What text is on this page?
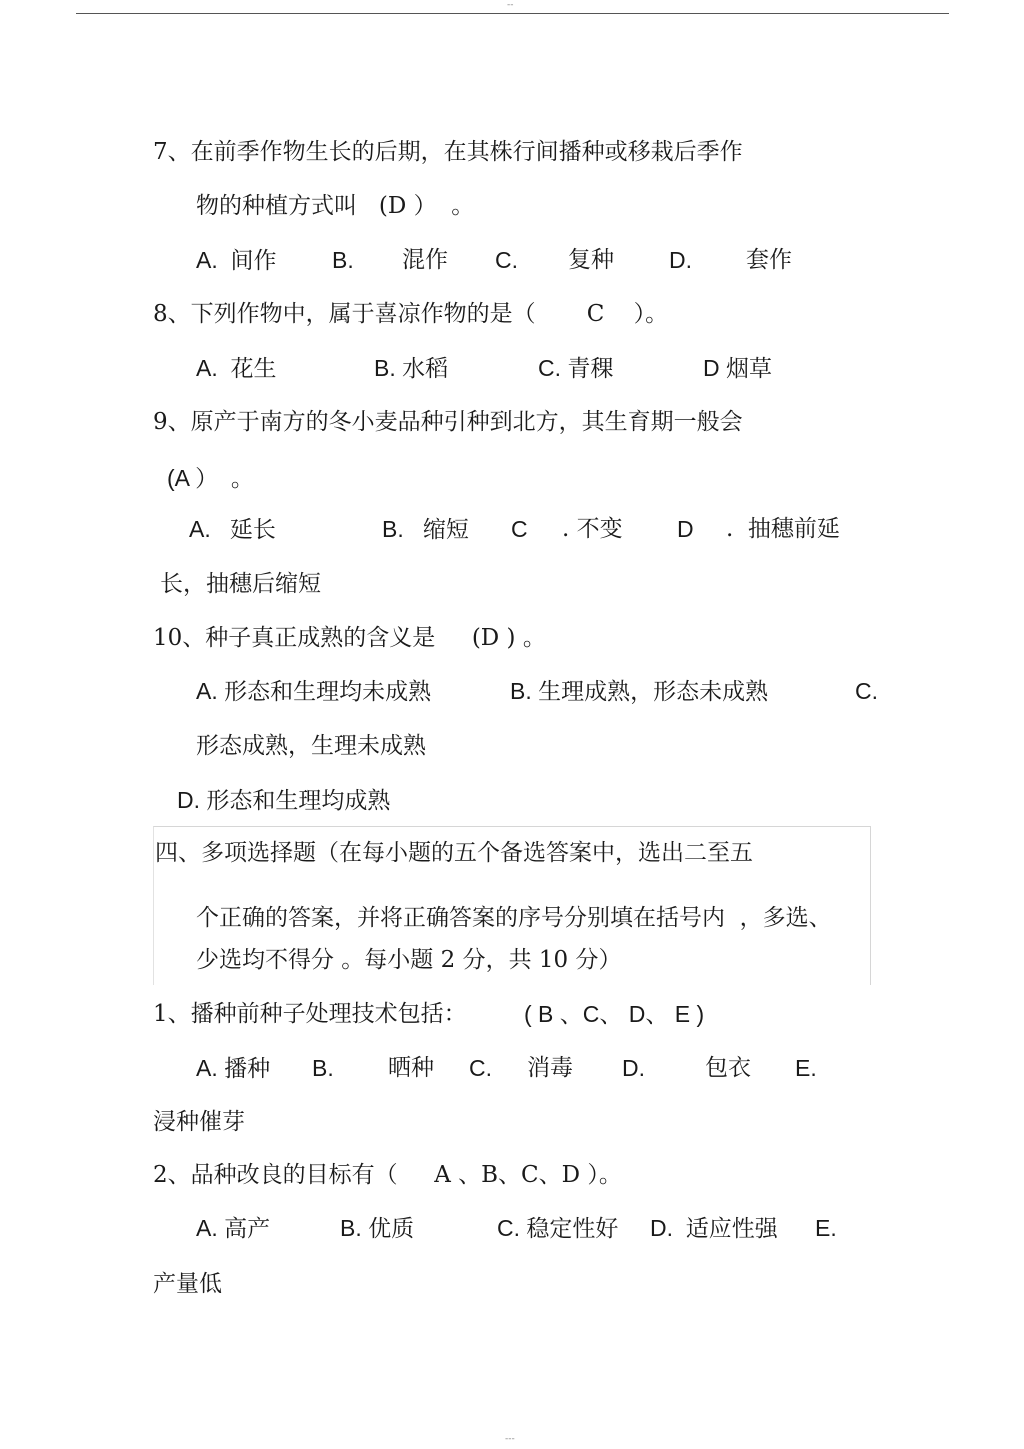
--
7、在前季作物生长的后期，在其株行间播种或移栽后季作
物的种植方式叫   (D ）  。
A.  间作 B. 混作 C. 复种 D. 套作
8、下列作物中，属于喜凉作物的是（       C    ）。
A.  花生	B. 水稻	C. 青稞	D 烟草
9、原产于南方的冬小麦品种引种到北方，其生育期一般会
(A ）  。
A.   延长	B.   缩短 C . 不变 D .  抽穗前延
长，抽穗后缩短
10、种子真正成熟的含义是     (D ) 。
A. 形态和生理均未成熟	B. 生理成熟，形态未成熟	C.
形态成熟，生理未成熟
D. 形态和生理均成熟
四、多项选择题（在每小题的五个备选答案中，选出二至五
个正确的答案，并将正确答案的序号分别填在括号内  ，多选、
少选均不得分 。每小题 2 分，共 10 分）
1、播种前种子处理技术包括： ( B 、C、 D、 E )
A. 播种 B. 晒种 C. 消毒 D.	包衣 E.
浸种催芽
2、品种改良的目标有（     A 、B、C、D ）。
A. 高产	B. 优质	C. 稳定性好 D.  适应性强 E.
产量低
---
